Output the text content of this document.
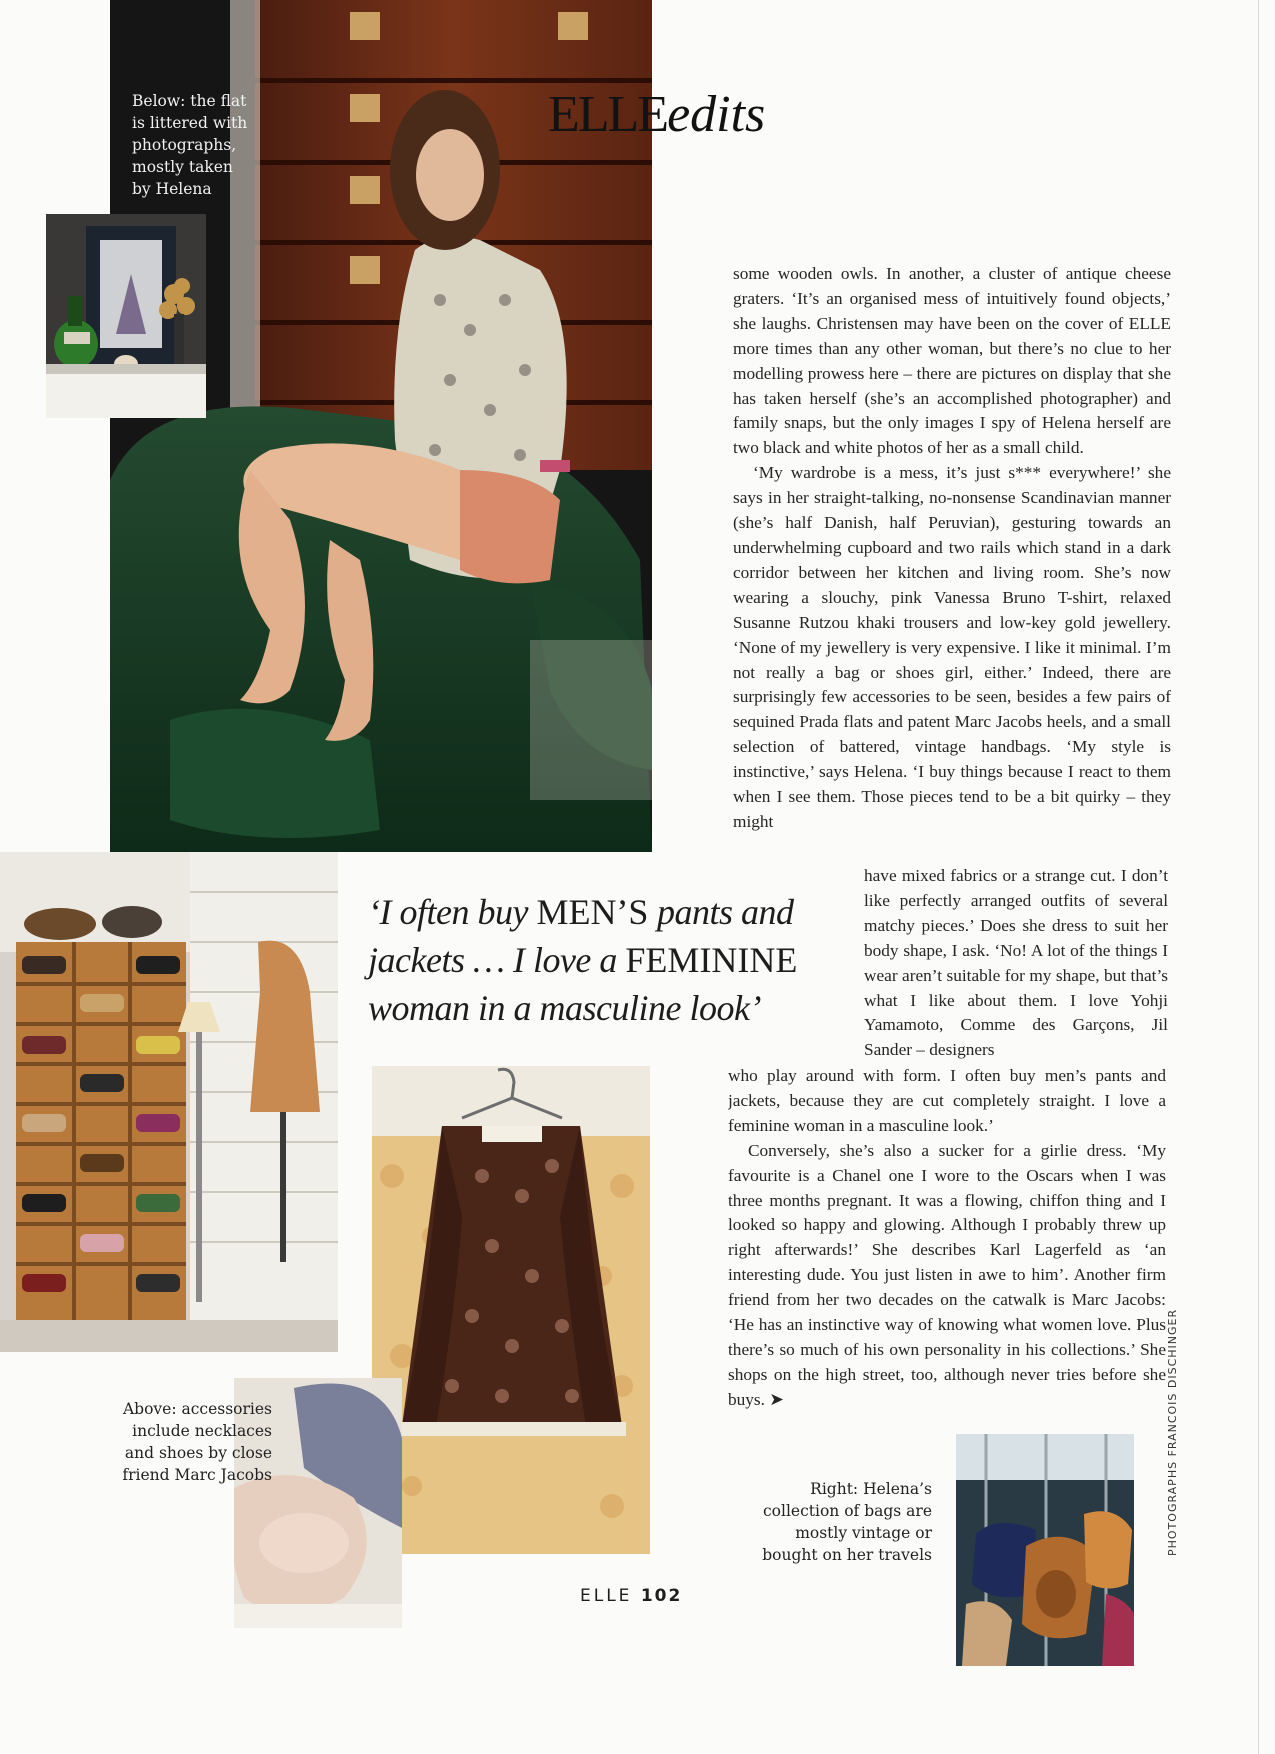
ELLEedits
Below: the flat is littered with photographs, mostly taken by Helena
Above: accessories include necklaces and shoes by close friend Marc Jacobs
Right: Helena’s collection of bags are mostly vintage or bought on her travels
‘I often buy MEN’S pants and jackets … I love a FEMININE woman in a masculine look’

some wooden owls. In another, a cluster of antique cheese graters. ‘It’s an organised mess of intuitively found objects,’ she laughs. Christensen may have been on the cover of ELLE more times than any other woman, but there’s no clue to her modelling prowess here – there are pictures on display that she has taken herself (she’s an accomplished photographer) and family snaps, but the only images I spy of Helena herself are two black and white photos of her as a small child.

‘My wardrobe is a mess, it’s just s*** everywhere!’ she says in her straight-talking, no-nonsense Scandinavian manner (she’s half Danish, half Peruvian), gesturing towards an underwhelming cupboard and two rails which stand in a dark corridor between her kitchen and living room. She’s now wearing a slouchy, pink Vanessa Bruno T-shirt, relaxed Susanne Rutzou khaki trousers and low-key gold jewellery. ‘None of my jewellery is very expensive. I like it minimal. I’m not really a bag or shoes girl, either.’ Indeed, there are surprisingly few accessories to be seen, besides a few pairs of sequined Prada flats and patent Marc Jacobs heels, and a small selection of battered, vintage handbags. ‘My style is instinctive,’ says Helena. ‘I buy things because I react to them when I see them. Those pieces tend to be a bit quirky – they might

have mixed fabrics or a strange cut. I don’t like perfectly arranged outfits of several matchy pieces.’ Does she dress to suit her body shape, I ask. ‘No! A lot of the things I wear aren’t suitable for my shape, but that’s what I like about them. I love Yohji Yamamoto, Comme des Garçons, Jil Sander – designers

who play around with form. I often buy men’s pants and jackets, because they are cut completely straight. I love a feminine woman in a masculine look.’

Conversely, she’s also a sucker for a girlie dress. ‘My favourite is a Chanel one I wore to the Oscars when I was three months pregnant. It was a flowing, chiffon thing and I looked so happy and glowing. Although I probably threw up right afterwards!’ She describes Karl Lagerfeld as ‘an interesting dude. You just listen in awe to him’. Another firm friend from her two decades on the catwalk is Marc Jacobs: ‘He has an instinctive way of knowing what women love. Plus there’s so much of his own personality in his collections.’ She shops on the high street, too, although never tries before she buys. ➤

ELLE 102
PHOTOGRAPHS FRANCOIS DISCHINGER
